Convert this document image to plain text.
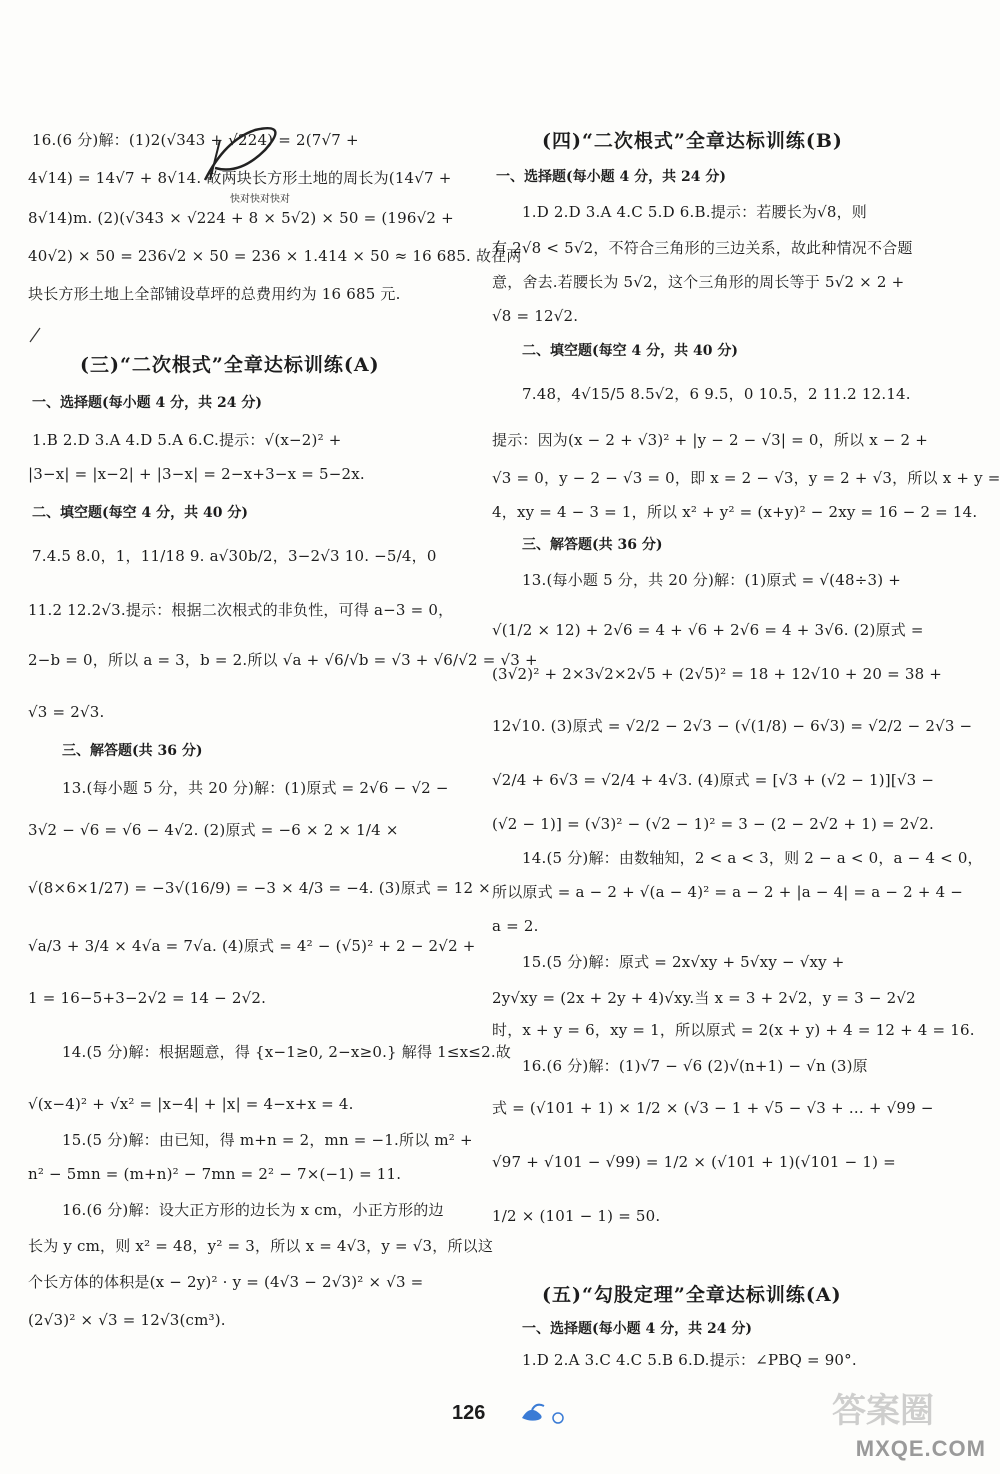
16.(6 分)解：(1)2(√343 + √224) = 2(7√7 +
4√14) = 14√7 + 8√14. 故两块长方形土地的周长为(14√7 +
快对快对快对
8√14)m. (2)(√343 × √224 + 8 × 5√2) × 50 = (196√2 +
40√2) × 50 = 236√2 × 50 = 236 × 1.414 × 50 ≈ 16 685. 故在两
块长方形土地上全部铺设草坪的总费用约为 16 685 元.
(三)“二次根式”全章达标训练(A)
一、选择题(每小题 4 分，共 24 分)
1.B 2.D 3.A 4.D 5.A 6.C.提示：√(x−2)² +
|3−x| = |x−2| + |3−x| = 2−x+3−x = 5−2x.
二、填空题(每空 4 分，共 40 分)
7.4.5 8.0，1，11/18 9. a√30b/2，3−2√3 10. −5/4，0
11.2 12.2√3.提示：根据二次根式的非负性，可得 a−3 = 0，
2−b = 0，所以 a = 3，b = 2.所以 √a + √6/√b = √3 + √6/√2 = √3 +
√3 = 2√3.
三、解答题(共 36 分)
13.(每小题 5 分，共 20 分)解：(1)原式 = 2√6 − √2 −
3√2 − √6 = √6 − 4√2. (2)原式 = −6 × 2 × 1/4 ×
√(8×6×1/27) = −3√(16/9) = −3 × 4/3 = −4. (3)原式 = 12 ×
√a/3 + 3/4 × 4√a = 7√a. (4)原式 = 4² − (√5)² + 2 − 2√2 +
1 = 16−5+3−2√2 = 14 − 2√2.
14.(5 分)解：根据题意，得 {x−1≥0, 2−x≥0.} 解得 1≤x≤2.故
√(x−4)² + √x² = |x−4| + |x| = 4−x+x = 4.
15.(5 分)解：由已知，得 m+n = 2，mn = −1.所以 m² +
n² − 5mn = (m+n)² − 7mn = 2² − 7×(−1) = 11.
16.(6 分)解：设大正方形的边长为 x cm，小正方形的边
长为 y cm，则 x² = 48，y² = 3，所以 x = 4√3，y = √3，所以这
个长方体的体积是(x − 2y)² · y = (4√3 − 2√3)² × √3 =
(2√3)² × √3 = 12√3(cm³).
(四)“二次根式”全章达标训练(B)
一、选择题(每小题 4 分，共 24 分)
1.D 2.D 3.A 4.C 5.D 6.B.提示：若腰长为√8，则
有 2√8 < 5√2，不符合三角形的三边关系，故此种情况不合题
意，舍去.若腰长为 5√2，这个三角形的周长等于 5√2 × 2 +
√8 = 12√2.
二、填空题(每空 4 分，共 40 分)
7.48，4√15/5 8.5√2，6 9.5，0 10.5，2 11.2 12.14.
提示：因为(x − 2 + √3)² + |y − 2 − √3| = 0，所以 x − 2 +
√3 = 0，y − 2 − √3 = 0，即 x = 2 − √3，y = 2 + √3，所以 x + y =
4，xy = 4 − 3 = 1，所以 x² + y² = (x+y)² − 2xy = 16 − 2 = 14.
三、解答题(共 36 分)
13.(每小题 5 分，共 20 分)解：(1)原式 = √(48÷3) +
√(1/2 × 12) + 2√6 = 4 + √6 + 2√6 = 4 + 3√6. (2)原式 =
(3√2)² + 2×3√2×2√5 + (2√5)² = 18 + 12√10 + 20 = 38 +
12√10. (3)原式 = √2/2 − 2√3 − (√(1/8) − 6√3) = √2/2 − 2√3 −
√2/4 + 6√3 = √2/4 + 4√3. (4)原式 = [√3 + (√2 − 1)][√3 −
(√2 − 1)] = (√3)² − (√2 − 1)² = 3 − (2 − 2√2 + 1) = 2√2.
14.(5 分)解：由数轴知，2 < a < 3，则 2 − a < 0，a − 4 < 0，
所以原式 = a − 2 + √(a − 4)² = a − 2 + |a − 4| = a − 2 + 4 −
a = 2.
15.(5 分)解：原式 = 2x√xy + 5√xy − √xy +
2y√xy = (2x + 2y + 4)√xy.当 x = 3 + 2√2，y = 3 − 2√2
时，x + y = 6，xy = 1，所以原式 = 2(x + y) + 4 = 12 + 4 = 16.
16.(6 分)解：(1)√7 − √6 (2)√(n+1) − √n (3)原
式 = (√101 + 1) × 1/2 × (√3 − 1 + √5 − √3 + … + √99 −
√97 + √101 − √99) = 1/2 × (√101 + 1)(√101 − 1) =
1/2 × (101 − 1) = 50.
(五)“勾股定理”全章达标训练(A)
一、选择题(每小题 4 分，共 24 分)
1.D 2.A 3.C 4.C 5.B 6.D.提示：∠PBQ = 90°.
126	答案圈
MXQE.COM
